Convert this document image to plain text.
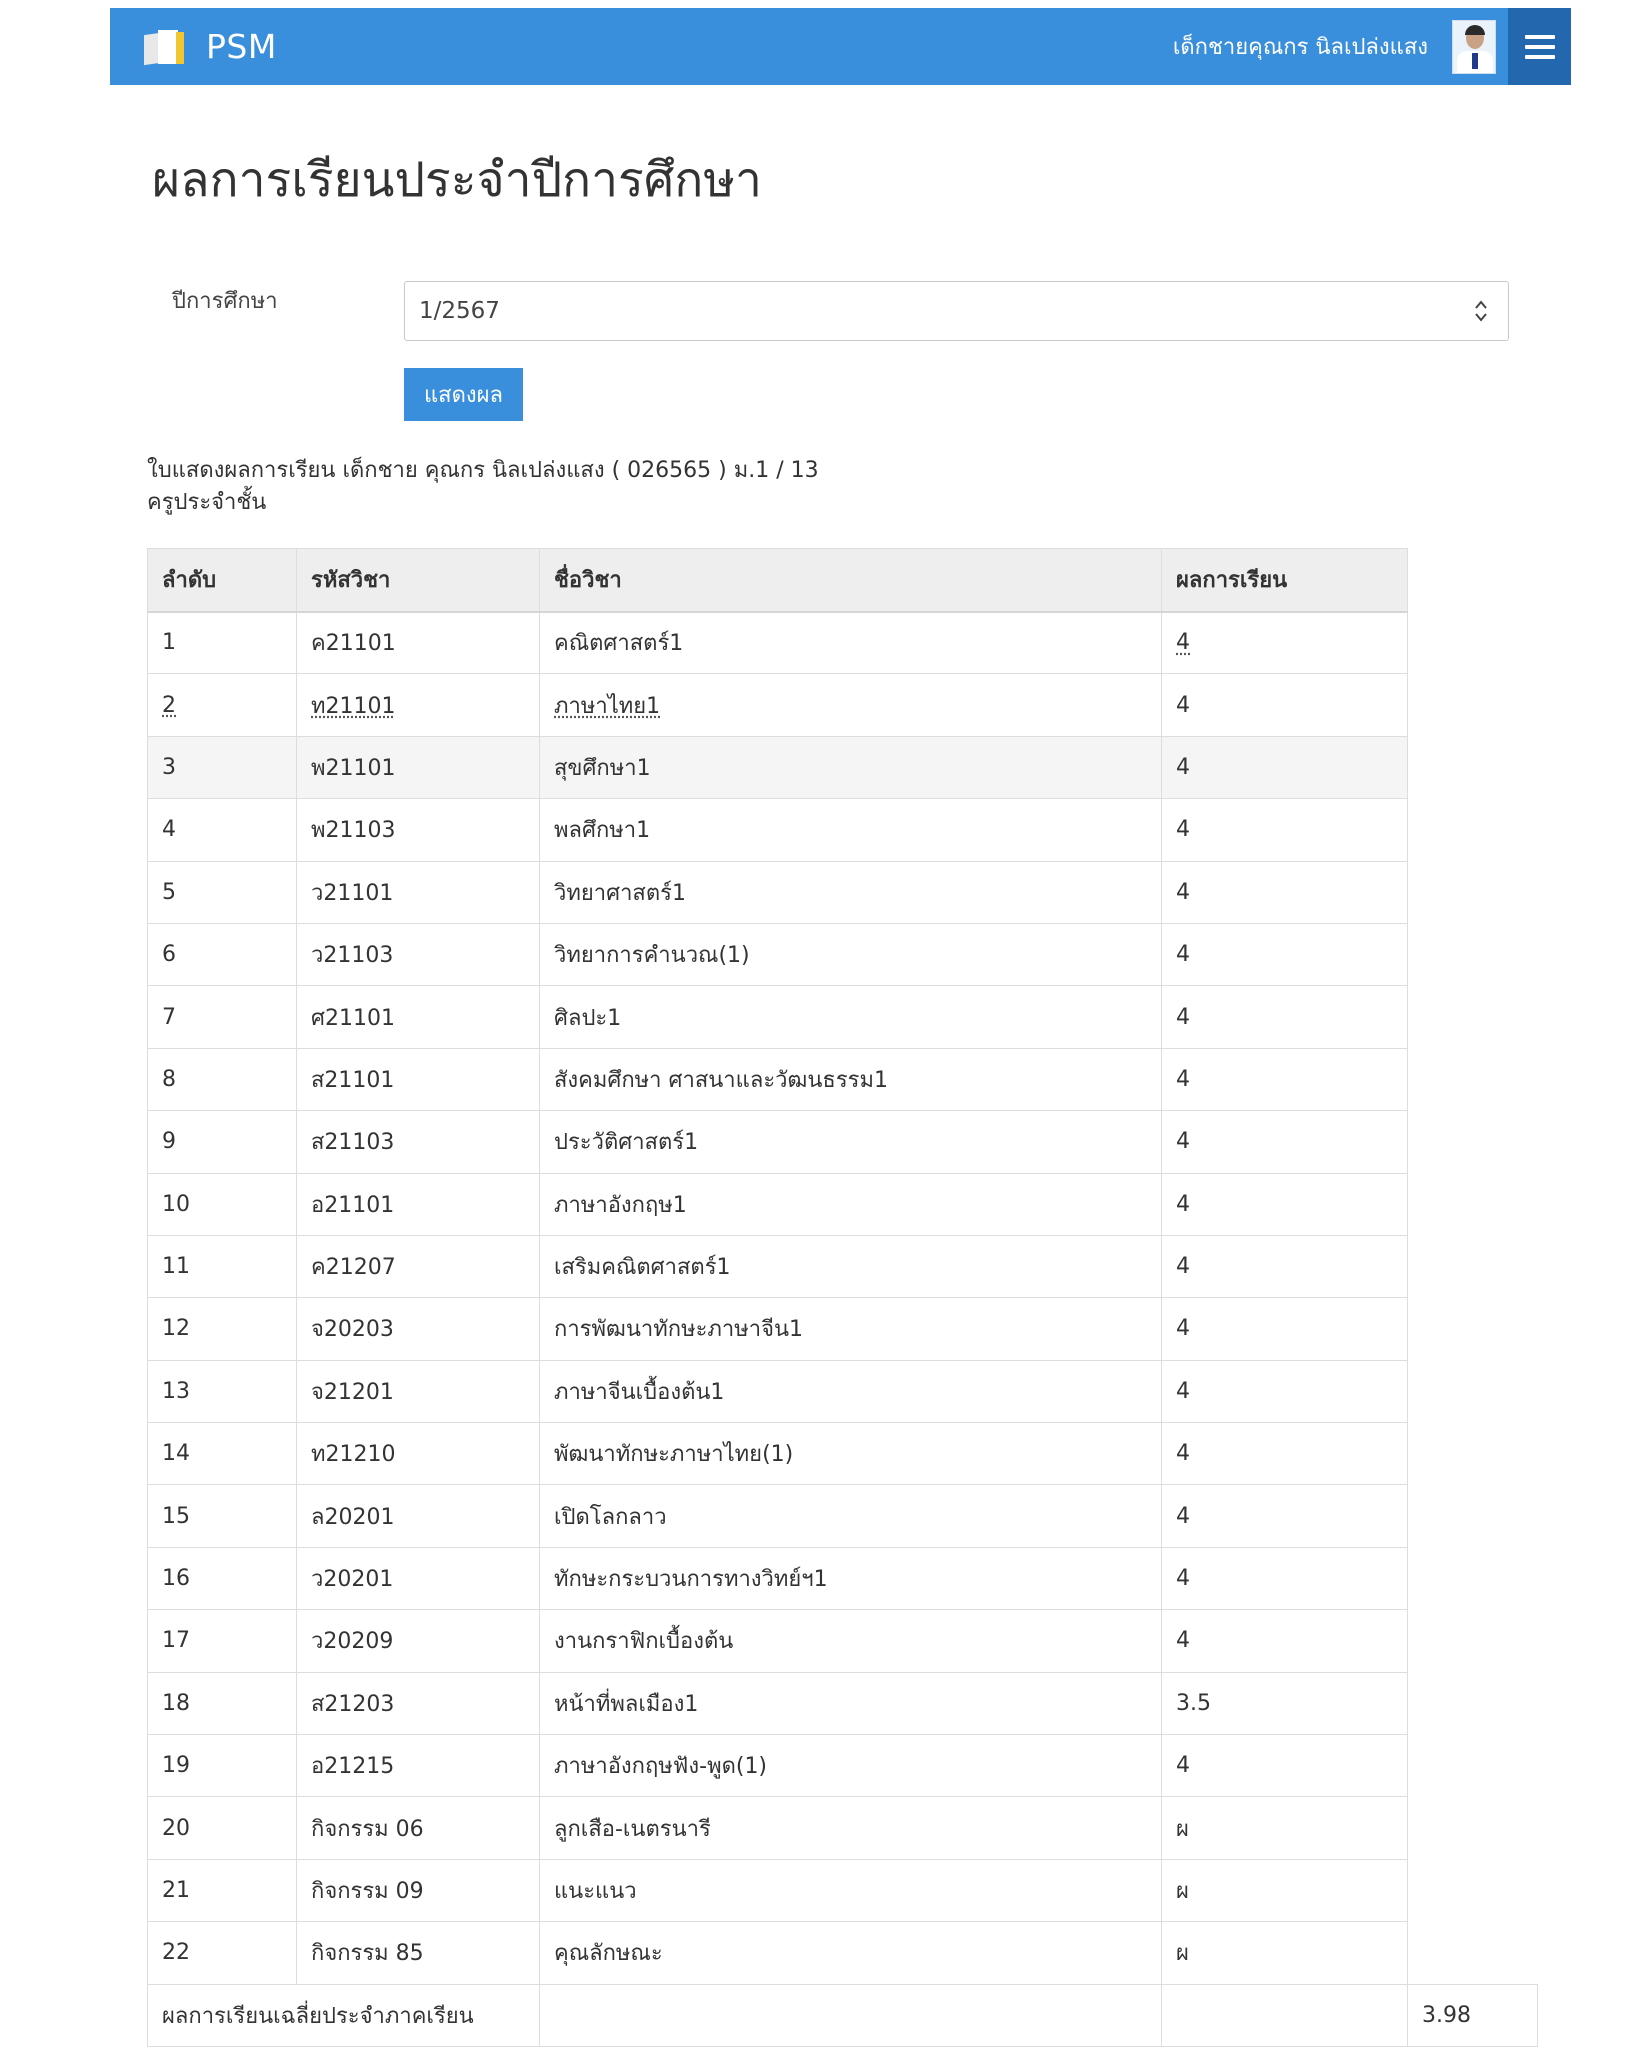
PSM	เด็กชายคุณกร นิลเปล่งแสง
ผลการเรียนประจำปีการศึกษา
ปีการศึกษา	1/2567
แสดงผล
ใบแสดงผลการเรียน เด็กชาย คุณกร นิลเปล่งแสง ( 026565 ) ม.1 / 13
ครูประจำชั้น
ลำดับ	รหัสวิชา	ชื่อวิชา	ผลการเรียน	
1	ค21101	คณิตศาสตร์1	4	
2	ท21101	ภาษาไทย1	4	
3	พ21101	สุขศึกษา1	4	
4	พ21103	พลศึกษา1	4	
5	ว21101	วิทยาศาสตร์1	4	
6	ว21103	วิทยาการคำนวณ(1)	4	
7	ศ21101	ศิลปะ1	4	
8	ส21101	สังคมศึกษา ศาสนาและวัฒนธรรม1	4	
9	ส21103	ประวัติศาสตร์1	4	
10	อ21101	ภาษาอังกฤษ1	4	
11	ค21207	เสริมคณิตศาสตร์1	4	
12	จ20203	การพัฒนาทักษะภาษาจีน1	4	
13	จ21201	ภาษาจีนเบื้องต้น1	4	
14	ท21210	พัฒนาทักษะภาษาไทย(1)	4	
15	ล20201	เปิดโลกลาว	4	
16	ว20201	ทักษะกระบวนการทางวิทย์ฯ1	4	
17	ว20209	งานกราฟิกเบื้องต้น	4	
18	ส21203	หน้าที่พลเมือง1	3.5	
19	อ21215	ภาษาอังกฤษฟัง-พูด(1)	4	
20	กิจกรรม 06	ลูกเสือ-เนตรนารี	ผ	
21	กิจกรรม 09	แนะแนว	ผ	
22	กิจกรรม 85	คุณลักษณะ	ผ	
ผลการเรียนเฉลี่ยประจำภาคเรียน				3.98
